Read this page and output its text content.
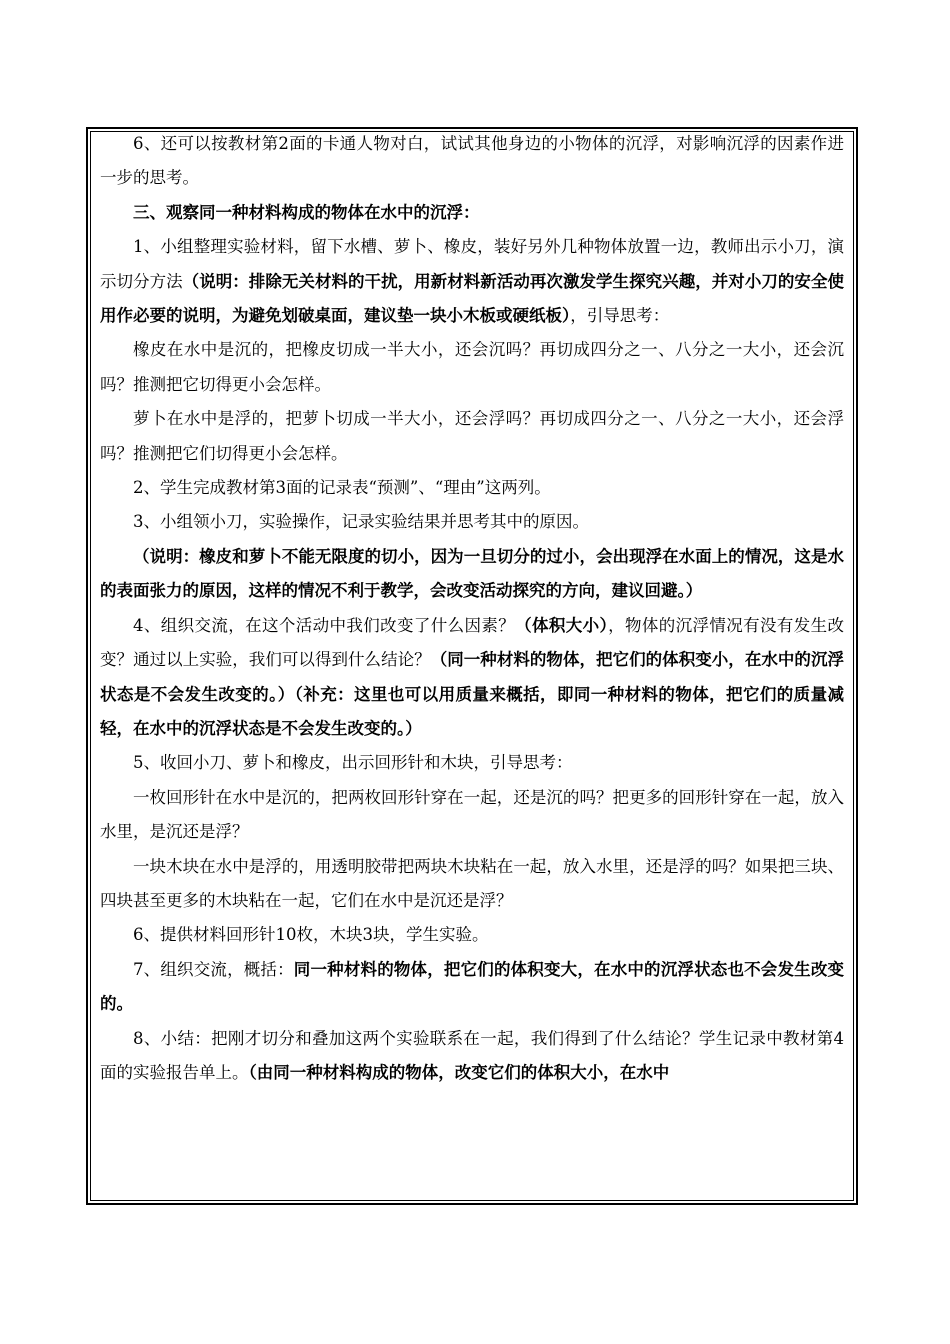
6、还可以按教材第2面的卡通人物对白，试试其他身边的小物体的沉浮，对影响沉浮的因素作进一步的思考。

三、观察同一种材料构成的物体在水中的沉浮：

1、小组整理实验材料，留下水槽、萝卜、橡皮，装好另外几种物体放置一边，教师出示小刀，演示切分方法（说明：排除无关材料的干扰，用新材料新活动再次激发学生探究兴趣，并对小刀的安全使用作必要的说明，为避免划破桌面，建议垫一块小木板或硬纸板），引导思考：

橡皮在水中是沉的，把橡皮切成一半大小，还会沉吗？再切成四分之一、八分之一大小，还会沉吗？推测把它切得更小会怎样。

萝卜在水中是浮的，把萝卜切成一半大小，还会浮吗？再切成四分之一、八分之一大小，还会浮吗？推测把它们切得更小会怎样。

2、学生完成教材第3面的记录表“预测”、“理由”这两列。

3、小组领小刀，实验操作，记录实验结果并思考其中的原因。

（说明：橡皮和萝卜不能无限度的切小，因为一旦切分的过小，会出现浮在水面上的情况，这是水的表面张力的原因，这样的情况不利于教学，会改变活动探究的方向，建议回避。）

4、组织交流，在这个活动中我们改变了什么因素？（体积大小），物体的沉浮情况有没有发生改变？通过以上实验，我们可以得到什么结论？（同一种材料的物体，把它们的体积变小，在水中的沉浮状态是不会发生改变的。）（补充：这里也可以用质量来概括，即同一种材料的物体，把它们的质量减轻，在水中的沉浮状态是不会发生改变的。）

5、收回小刀、萝卜和橡皮，出示回形针和木块，引导思考：

一枚回形针在水中是沉的，把两枚回形针穿在一起，还是沉的吗？把更多的回形针穿在一起，放入水里，是沉还是浮？

一块木块在水中是浮的，用透明胶带把两块木块粘在一起，放入水里，还是浮的吗？如果把三块、四块甚至更多的木块粘在一起，它们在水中是沉还是浮？

6、提供材料回形针10枚，木块3块，学生实验。

7、组织交流，概括：同一种材料的物体，把它们的体积变大，在水中的沉浮状态也不会发生改变的。

8、小结：把刚才切分和叠加这两个实验联系在一起，我们得到了什么结论？学生记录中教材第4面的实验报告单上。（由同一种材料构成的物体，改变它们的体积大小，在水中
